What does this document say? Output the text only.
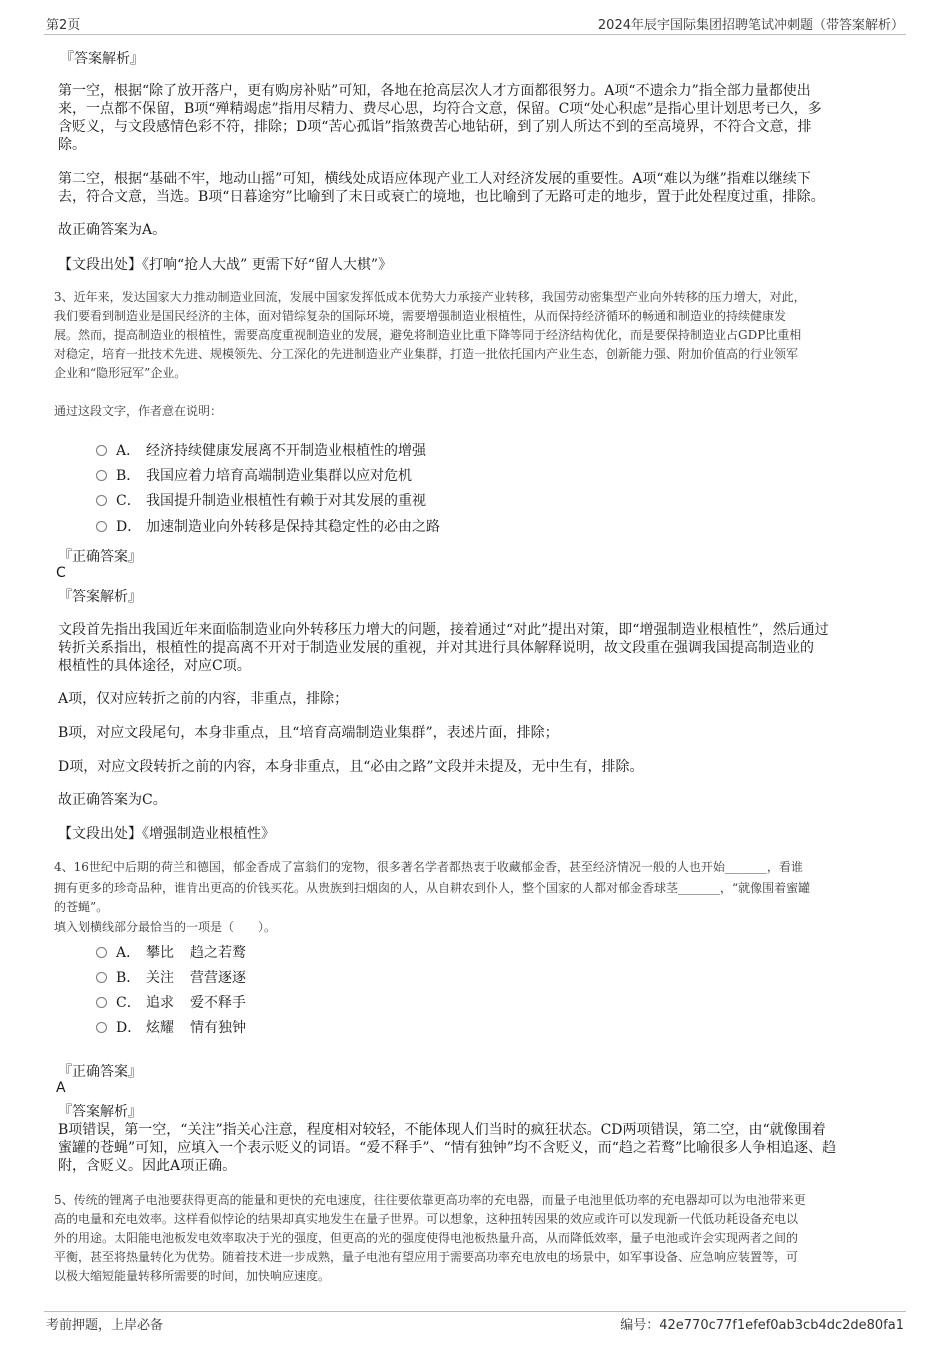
第2页	2024年辰宇国际集团招聘笔试冲刺题（带答案解析）
『答案解析』
第一空，根据“除了放开落户，更有购房补贴”可知，各地在抢高层次人才方面都很努力。A项“不遗余力”指全部力量都使出
来，一点都不保留，B项“殚精竭虑”指用尽精力、费尽心思，均符合文意，保留。C项“处心积虑”是指心里计划思考已久，多
含贬义，与文段感情色彩不符，排除；D项“苦心孤诣”指煞费苦心地钻研，到了别人所达不到的至高境界，不符合文意，排
除。
第二空，根据“基础不牢，地动山摇”可知，横线处成语应体现产业工人对经济发展的重要性。A项“难以为继”指难以继续下
去，符合文意，当选。B项“日暮途穷”比喻到了末日或衰亡的境地，也比喻到了无路可走的地步，置于此处程度过重，排除。
故正确答案为A。
【文段出处】《打响“抢人大战” 更需下好“留人大棋”》
3、近年来，发达国家大力推动制造业回流，发展中国家发挥低成本优势大力承接产业转移，我国劳动密集型产业向外转移的压力增大，对此，
我们要看到制造业是国民经济的主体，面对错综复杂的国际环境，需要增强制造业根植性，从而保持经济循环的畅通和制造业的持续健康发
展。然而，提高制造业的根植性，需要高度重视制造业的发展，避免将制造业比重下降等同于经济结构优化，而是要保持制造业占GDP比重相
对稳定，培育一批技术先进、规模领先、分工深化的先进制造业产业集群，打造一批依托国内产业生态，创新能力强、附加价值高的行业领军
企业和“隐形冠军”企业。
通过这段文字，作者意在说明：
A． 经济持续健康发展离不开制造业根植性的增强
B． 我国应着力培育高端制造业集群以应对危机
C． 我国提升制造业根植性有赖于对其发展的重视
D． 加速制造业向外转移是保持其稳定性的必由之路
『正确答案』
C
『答案解析』
文段首先指出我国近年来面临制造业向外转移压力增大的问题，接着通过“对此”提出对策，即“增强制造业根植性”，然后通过
转折关系指出，根植性的提高离不开对于制造业发展的重视，并对其进行具体解释说明，故文段重在强调我国提高制造业的
根植性的具体途径，对应C项。
A项，仅对应转折之前的内容，非重点，排除；
B项，对应文段尾句，本身非重点，且“培育高端制造业集群”，表述片面，排除；
D项，对应文段转折之前的内容，本身非重点，且“必由之路”文段并未提及，无中生有，排除。
故正确答案为C。
【文段出处】《增强制造业根植性》
4、16世纪中后期的荷兰和德国，郁金香成了富翁们的宠物，很多著名学者都热衷于收藏郁金香，甚至经济情况一般的人也开始_______，看谁
拥有更多的珍奇品种，谁肯出更高的价钱买花。从贵族到扫烟囱的人，从自耕农到仆人，整个国家的人都对郁金香球茎_______，“就像围着蜜罐
的苍蝇”。
填入划横线部分最恰当的一项是（　　）。
A． 攀比 趋之若鹜
B． 关注 营营逐逐
C． 追求 爱不释手
D． 炫耀 情有独钟
『正确答案』
A
『答案解析』
B项错误，第一空，“关注”指关心注意，程度相对较轻，不能体现人们当时的疯狂状态。CD两项错误，第二空，由“就像围着
蜜罐的苍蝇”可知，应填入一个表示贬义的词语。“爱不释手”、“情有独钟”均不含贬义，而“趋之若鹜”比喻很多人争相追逐、趋
附，含贬义。因此A项正确。
5、传统的锂离子电池要获得更高的能量和更快的充电速度，往往要依靠更高功率的充电器，而量子电池里低功率的充电器却可以为电池带来更
高的电量和充电效率。这样看似悖论的结果却真实地发生在量子世界。可以想象，这种扭转因果的效应或许可以发现新一代低功耗设备充电以
外的用途。太阳能电池板发电效率取决于光的强度，但更高的光的强度使得电池板热量升高，从而降低效率，量子电池或许会实现两者之间的
平衡，甚至将热量转化为优势。随着技术进一步成熟，量子电池有望应用于需要高功率充电放电的场景中，如军事设备、应急响应装置等，可
以极大缩短能量转移所需要的时间，加快响应速度。
考前押题，上岸必备	编号：42e770c77f1efef0ab3cb4dc2de80fa1
